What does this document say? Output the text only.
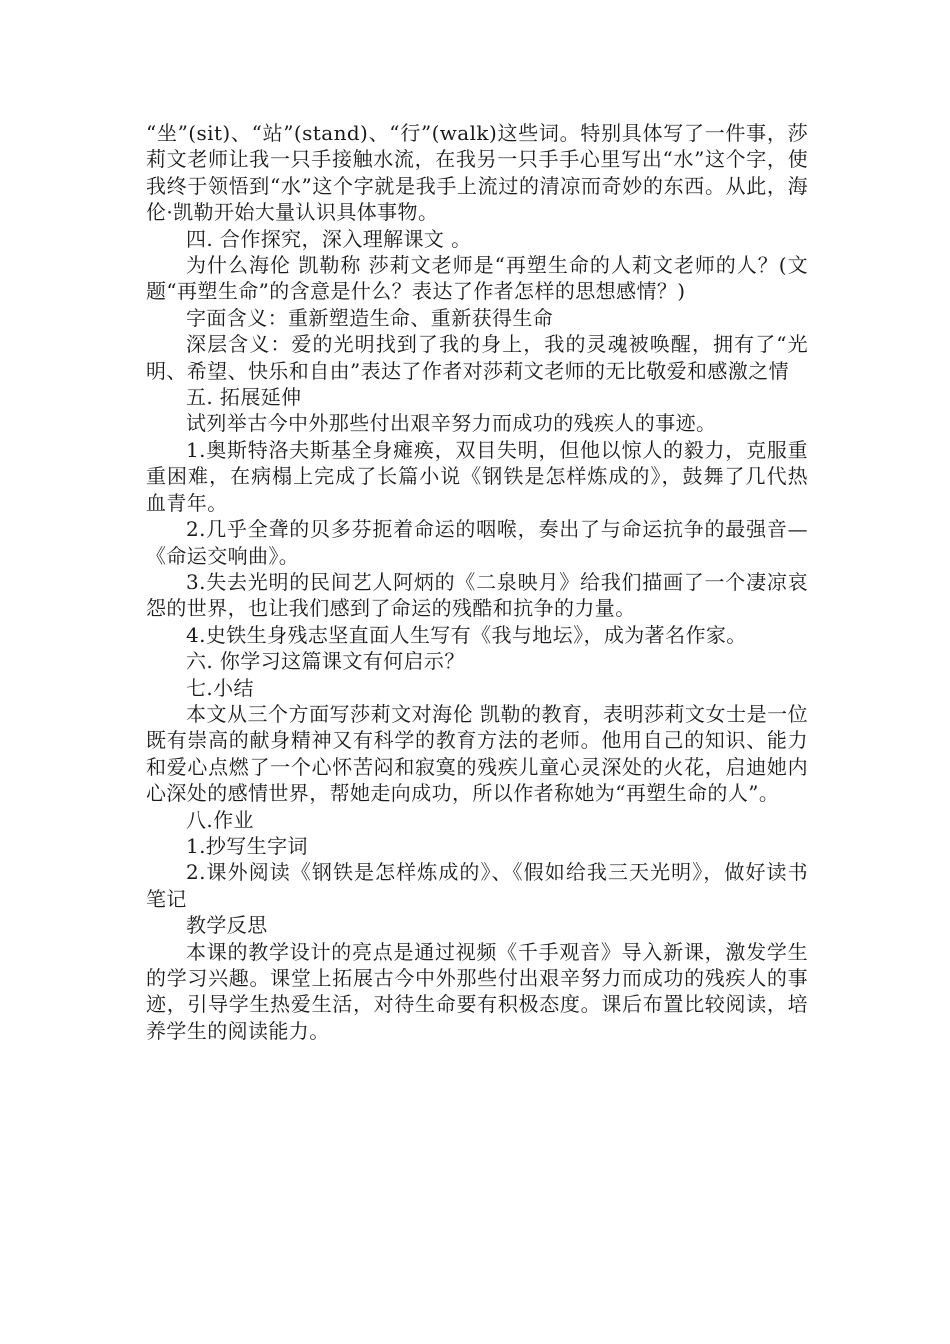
“坐”(sit)、“站”(stand)、“行”(walk)这些词。特别具体写了一件事，莎莉文老师让我一只手接触水流，在我另一只手手心里写出“水”这个字，使我终于领悟到“水”这个字就是我手上流过的清凉而奇妙的东西。从此，海伦·凯勒开始大量认识具体事物。

四. 合作探究，深入理解课文 。

为什么海伦 凯勒称 莎莉文老师是“再塑生命的人莉文老师的人？(文题“再塑生命”的含意是什么？表达了作者怎样的思想感情？)

字面含义：重新塑造生命、重新获得生命

深层含义：爱的光明找到了我的身上，我的灵魂被唤醒，拥有了“光明、希望、快乐和自由”表达了作者对莎莉文老师的无比敬爱和感激之情

五. 拓展延伸

试列举古今中外那些付出艰辛努力而成功的残疾人的事迹。

1.奥斯特洛夫斯基全身瘫痪，双目失明，但他以惊人的毅力，克服重重困难，在病榻上完成了长篇小说《钢铁是怎样炼成的》，鼓舞了几代热血青年。

2.几乎全聋的贝多芬扼着命运的咽喉，奏出了与命运抗争的最强音—《命运交响曲》。

3.失去光明的民间艺人阿炳的《二泉映月》给我们描画了一个凄凉哀怨的世界，也让我们感到了命运的残酷和抗争的力量。

4.史铁生身残志坚直面人生写有《我与地坛》，成为著名作家。

六. 你学习这篇课文有何启示？

七.小结

本文从三个方面写莎莉文对海伦 凯勒的教育，表明莎莉文女士是一位既有崇高的献身精神又有科学的教育方法的老师。他用自己的知识、能力和爱心点燃了一个心怀苦闷和寂寞的残疾儿童心灵深处的火花，启迪她内心深处的感情世界，帮她走向成功，所以作者称她为“再塑生命的人”。

八.作业

1.抄写生字词

2.课外阅读《钢铁是怎样炼成的》、《假如给我三天光明》，做好读书笔记

教学反思

本课的教学设计的亮点是通过视频《千手观音》导入新课，激发学生的学习兴趣。课堂上拓展古今中外那些付出艰辛努力而成功的残疾人的事迹，引导学生热爱生活，对待生命要有积极态度。课后布置比较阅读，培养学生的阅读能力。
